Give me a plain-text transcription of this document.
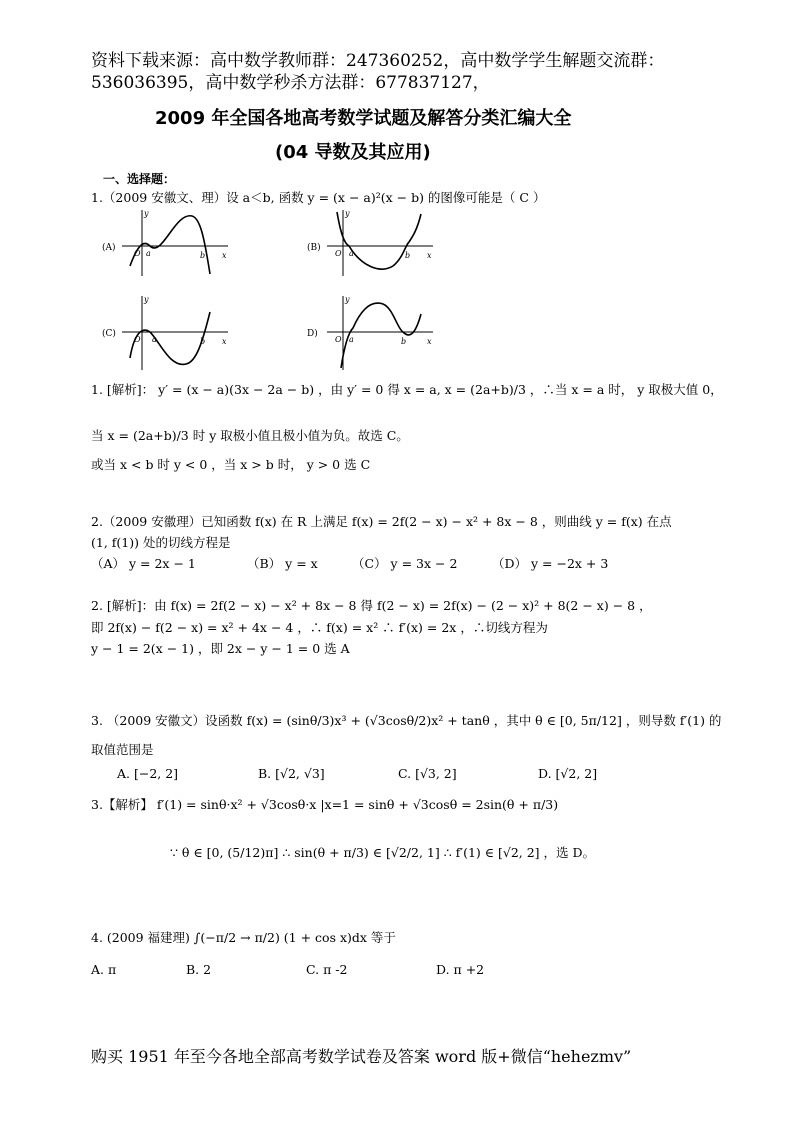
资料下载来源：高中数学教师群：247360252，高中数学学生解题交流群：
536036395，高中数学秒杀方法群：677837127，
2009 年全国各地高考数学试题及解答分类汇编大全
(04 导数及其应用)
一、选择题：
1.（2009 安徽文、理）设 a＜b, 函数 y = (x − a)²(x − b) 的图像可能是（ C ）
(A)
y
x
O a	b
(B)
y
x
O a	b
(C)
y
x
O a	b
D)
y
x
O a	b
1. [解析]： y′ = (x − a)(3x − 2a − b) ，由 y′ = 0 得 x = a, x = (2a+b)/3 ，∴当 x = a 时， y 取极大值 0，
当 x = (2a+b)/3 时 y 取极小值且极小值为负。故选 C。
或当 x < b 时 y < 0 ，当 x > b 时， y > 0 选 C
2.（2009 安徽理）已知函数 f(x) 在 R 上满足 f(x) = 2f(2 − x) − x² + 8x − 8 ，则曲线 y = f(x) 在点
(1, f(1)) 处的切线方程是
（A） y = 2x − 1	（B） y = x	（C） y = 3x − 2	（D） y = −2x + 3
2. [解析]：由 f(x) = 2f(2 − x) − x² + 8x − 8 得 f(2 − x) = 2f(x) − (2 − x)² + 8(2 − x) − 8 ，
即 2f(x) − f(2 − x) = x² + 4x − 4 ，∴ f(x) = x² ∴ f′(x) = 2x ，∴切线方程为
y − 1 = 2(x − 1) ，即 2x − y − 1 = 0 选 A
3. （2009 安徽文）设函数 f(x) = (sinθ/3)x³ + (√3cosθ/2)x² + tanθ ，其中 θ ∈ [0, 5π/12] ，则导数 f′(1) 的
取值范围是
A. [−2, 2]	B. [√2, √3]	C. [√3, 2]	D. [√2, 2]
3.【解析】 f′(1) = sinθ·x² + √3cosθ·x |x=1 = sinθ + √3cosθ = 2sin(θ + π/3)
∵ θ ∈ [0, (5/12)π] ∴ sin(θ + π/3) ∈ [√2/2, 1] ∴ f′(1) ∈ [√2, 2] ，选 D。
4. (2009 福建理) ∫(−π/2 → π/2) (1 + cos x)dx 等于
A. π	B. 2	C. π -2	D. π +2
购买 1951 年至今各地全部高考数学试卷及答案 word 版+微信“hehezmv”
